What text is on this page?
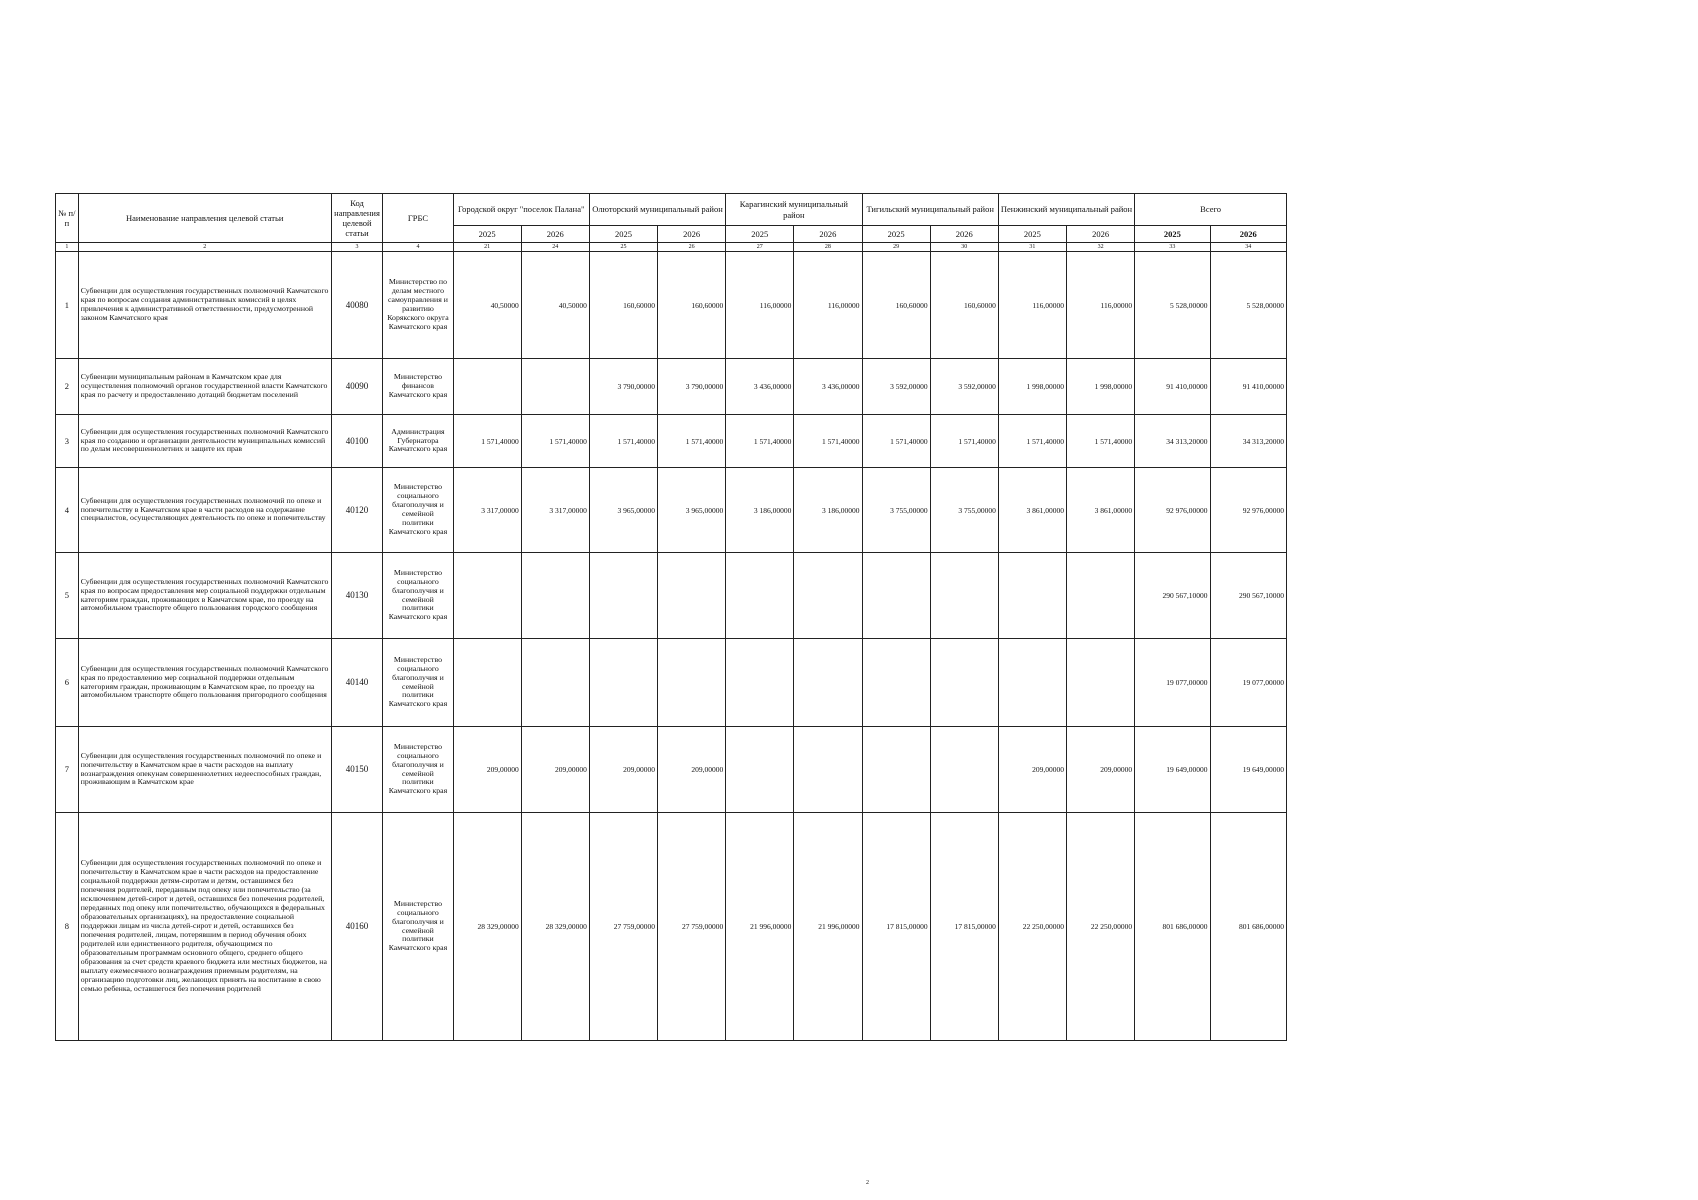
№ п/п	Наименование направления целевой статьи	Код направления целевой статьи	ГРБС	Городской округ "поселок Палана"		Олюторский муниципальный район		Карагинский муниципальный район		Тигильский муниципальный район		Пенжинский муниципальный район		Всего	
				2025	2026	2025	2026	2025	2026	2025	2026	2025	2026	2025	2026
1	2	3	4	21	24	25	26	27	28	29	30	31	32	33	34
1	Субвенции для осуществления государственных полномочий Камчатского края по вопросам создания административных комиссий в целях привлечения к административной ответственности, предусмотренной законом Камчатского края	40080	Министерство по делам местного самоуправления и развитию Корякского округа Камчатского края	40,50000	40,50000	160,60000	160,60000	116,00000	116,00000	160,60000	160,60000	116,00000	116,00000	5 528,00000	5 528,00000
2	Субвенции муниципальным районам в Камчатском крае для осуществления полномочий органов государственной власти Камчатского края по расчету и предоставлению дотаций бюджетам поселений	40090	Министерство финансов Камчатского края			3 790,00000	3 790,00000	3 436,00000	3 436,00000	3 592,00000	3 592,00000	1 998,00000	1 998,00000	91 410,00000	91 410,00000
3	Субвенции для осуществления государственных полномочий Камчатского края по созданию и организации деятельности муниципальных комиссий по делам несовершеннолетних и защите их прав	40100	Администрация Губернатора Камчатского края	1 571,40000	1 571,40000	1 571,40000	1 571,40000	1 571,40000	1 571,40000	1 571,40000	1 571,40000	1 571,40000	1 571,40000	34 313,20000	34 313,20000
4	Субвенции для осуществления государственных полномочий по опеке и попечительству в Камчатском крае в части расходов на содержание специалистов, осуществляющих деятельность по опеке и попечительству	40120	Министерство социального благополучия и семейной политики Камчатского края	3 317,00000	3 317,00000	3 965,00000	3 965,00000	3 186,00000	3 186,00000	3 755,00000	3 755,00000	3 861,00000	3 861,00000	92 976,00000	92 976,00000
5	Субвенции для осуществления государственных полномочий Камчатского края по вопросам предоставления мер социальной поддержки отдельным категориям граждан, проживающих в Камчатском крае, по проезду на автомобильном транспорте общего пользования городского сообщения	40130	Министерство социального благополучия и семейной политики Камчатского края											290 567,10000	290 567,10000
6	Субвенции для осуществления государственных полномочий Камчатского края по предоставлению мер социальной поддержки отдельным категориям граждан, проживающим в Камчатском крае, по проезду на автомобильном транспорте общего пользования пригородного сообщения	40140	Министерство социального благополучия и семейной политики Камчатского края											19 077,00000	19 077,00000
7	Субвенции для осуществления государственных полномочий по опеке и попечительству в Камчатском крае в части расходов на выплату вознаграждения опекунам совершеннолетних недееспособных граждан, проживающим в Камчатском крае	40150	Министерство социального благополучия и семейной политики Камчатского края	209,00000	209,00000	209,00000	209,00000					209,00000	209,00000	19 649,00000	19 649,00000
8	Субвенции для осуществления государственных полномочий по опеке и попечительству в Камчатском крае в части расходов на предоставление социальной поддержки детям-сиротам и детям, оставшимся без попечения родителей, переданным под опеку или попечительство (за исключением детей-сирот и детей, оставшихся без попечения родителей, переданных под опеку или попечительство, обучающихся в федеральных образовательных организациях), на предоставление социальной поддержки лицам из числа детей-сирот и детей, оставшихся без попечения родителей, лицам, потерявшим в период обучения обоих родителей или единственного родителя, обучающимся по образовательным программам основного общего, среднего общего образования за счет средств краевого бюджета или местных бюджетов, на выплату ежемесячного вознаграждения приемным родителям, на организацию подготовки лиц, желающих принять на воспитание в свою семью ребенка, оставшегося без попечения родителей	40160	Министерство социального благополучия и семейной политики Камчатского края	28 329,00000	28 329,00000	27 759,00000	27 759,00000	21 996,00000	21 996,00000	17 815,00000	17 815,00000	22 250,00000	22 250,00000	801 686,00000	801 686,00000
2
